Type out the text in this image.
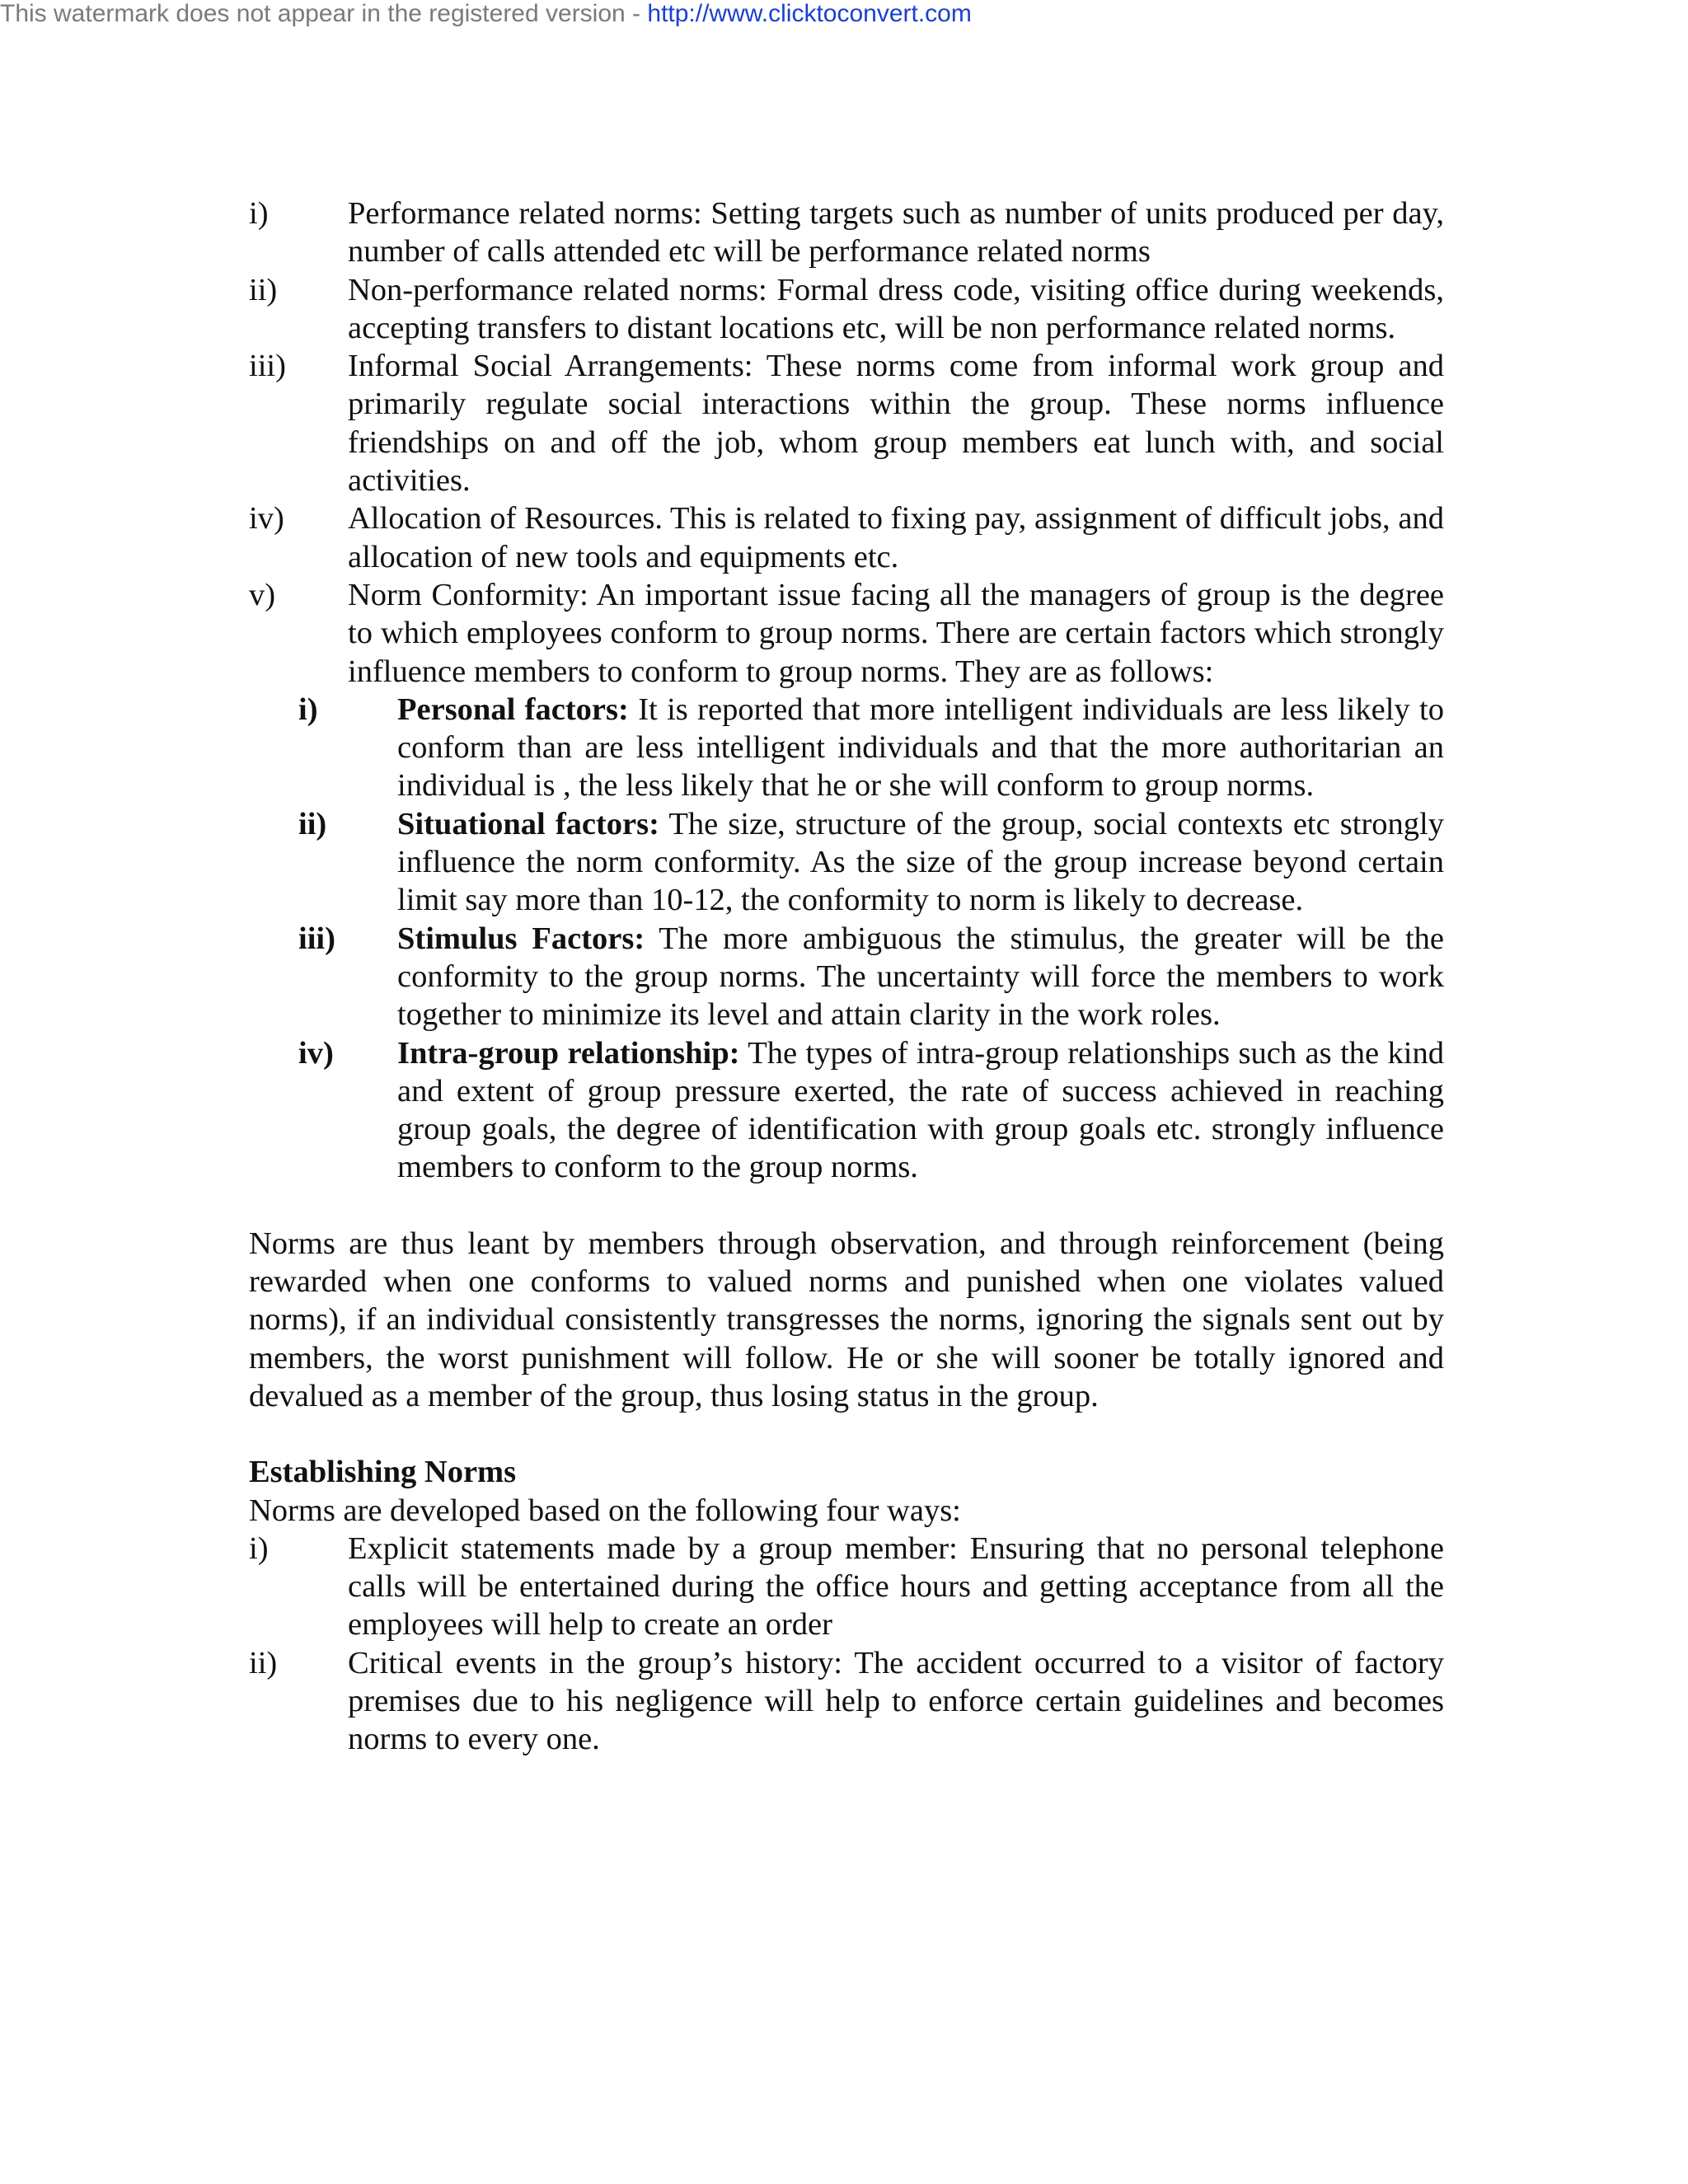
This watermark does not appear in the registered version - http://www.clicktoconvert.com
i)	Performance related norms: Setting targets such as number of units produced per day, number of calls attended etc will be performance related norms
ii) Non-performance related norms: Formal dress code, visiting office during weekends, accepting transfers to distant locations etc, will be non performance related norms.
iii) Informal Social Arrangements: These norms come from informal work group and primarily regulate social interactions within the group. These norms influence friendships on and off the job, whom group members eat lunch with, and social activities.
iv) Allocation of Resources. This is related to fixing pay, assignment of difficult jobs, and allocation of new tools and equipments etc.
v) Norm Conformity: An important issue facing all the managers of group is the degree to which employees conform to group norms. There are certain factors which strongly influence members to conform to group norms. They are as follows:
i)	Personal factors: It is reported that more intelligent individuals are less likely to conform than are less intelligent individuals and that the more authoritarian an individual is , the less likely that he or she will conform to group norms.
ii) Situational factors: The size, structure of the group, social contexts etc strongly influence the norm conformity. As the size of the group increase beyond certain limit say more than 10-12, the conformity to norm is likely to decrease.
iii) Stimulus Factors: The more ambiguous the stimulus, the greater will be the conformity to the group norms. The uncertainty will force the members to work together to minimize its level and attain clarity in the work roles.
iv) Intra-group relationship: The types of intra-group relationships such as the kind and extent of group pressure exerted, the rate of success achieved in reaching group goals, the degree of identification with group goals etc. strongly influence members to conform to the group norms.

Norms are thus leant by members through observation, and through reinforcement (being rewarded when one conforms to valued norms and punished when one violates valued norms), if an individual consistently transgresses the norms, ignoring the signals sent out by members, the worst punishment will follow. He or she will sooner be totally ignored and devalued as a member of the group, thus losing status in the group.

Establishing Norms

Norms are developed based on the following four ways:

i)	Explicit statements made by a group member: Ensuring that no personal telephone calls will be entertained during the office hours and getting acceptance from all the employees will help to create an order
ii) Critical events in the group’s history: The accident occurred to a visitor of factory premises due to his negligence will help to enforce certain guidelines and becomes norms to every one.
